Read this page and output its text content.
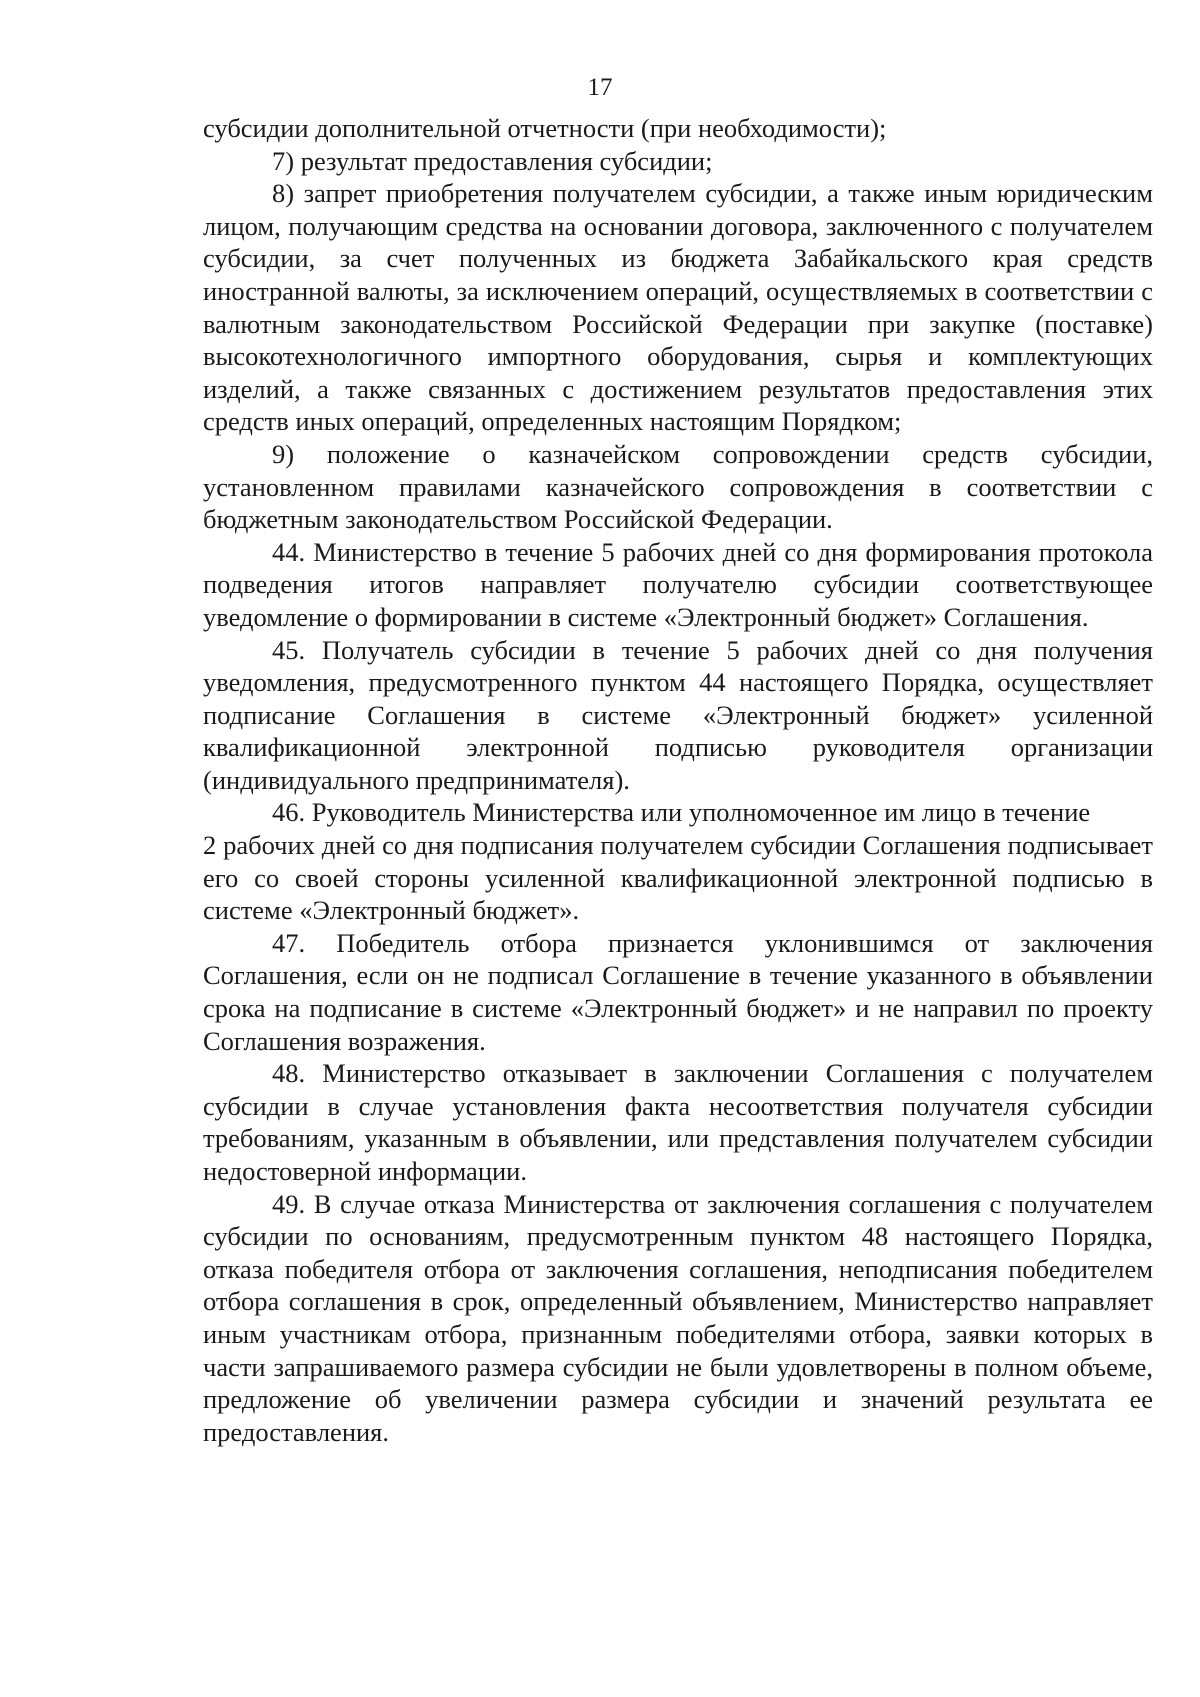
17

субсидии дополнительной отчетности (при необходимости);

7) результат предоставления субсидии;

8) запрет приобретения получателем субсидии, а также иным юридическим лицом, получающим средства на основании договора, заключенного с получателем субсидии, за счет полученных из бюджета Забайкальского края средств иностранной валюты, за исключением операций, осуществляемых в соответствии с валютным законодательством Российской Федерации при закупке (поставке) высокотехнологичного импортного оборудования, сырья и комплектующих изделий, а также связанных с достижением результатов предоставления этих средств иных операций, определенных настоящим Порядком;

9) положение о казначейском сопровождении средств субсидии, установленном правилами казначейского сопровождения в соответствии с бюджетным законодательством Российской Федерации.

44. Министерство в течение 5 рабочих дней со дня формирования протокола подведения итогов направляет получателю субсидии соответствующее уведомление о формировании в системе «Электронный бюджет» Соглашения.

45. Получатель субсидии в течение 5 рабочих дней со дня получения уведомления, предусмотренного пунктом 44 настоящего Порядка, осуществляет подписание Соглашения в системе «Электронный бюджет» усиленной квалификационной электронной подписью руководителя организации (индивидуального предпринимателя).

46. Руководитель Министерства или уполномоченное им лицо в течение

2 рабочих дней со дня подписания получателем субсидии Соглашения подписывает его со своей стороны усиленной квалификационной электронной подписью в системе «Электронный бюджет».

47. Победитель отбора признается уклонившимся от заключения Соглашения, если он не подписал Соглашение в течение указанного в объявлении срока на подписание в системе «Электронный бюджет» и не направил по проекту Соглашения возражения.

48. Министерство отказывает в заключении Соглашения с получателем субсидии в случае установления факта несоответствия получателя субсидии требованиям, указанным в объявлении, или представления получателем субсидии недостоверной информации.

49. В случае отказа Министерства от заключения соглашения с получателем субсидии по основаниям, предусмотренным пунктом 48 настоящего Порядка, отказа победителя отбора от заключения соглашения, неподписания победителем отбора соглашения в срок, определенный объявлением, Министерство направляет иным участникам отбора, признанным победителями отбора, заявки которых в части запрашиваемого размера субсидии не были удовлетворены в полном объеме, предложение об увеличении размера субсидии и значений результата ее предоставления.
